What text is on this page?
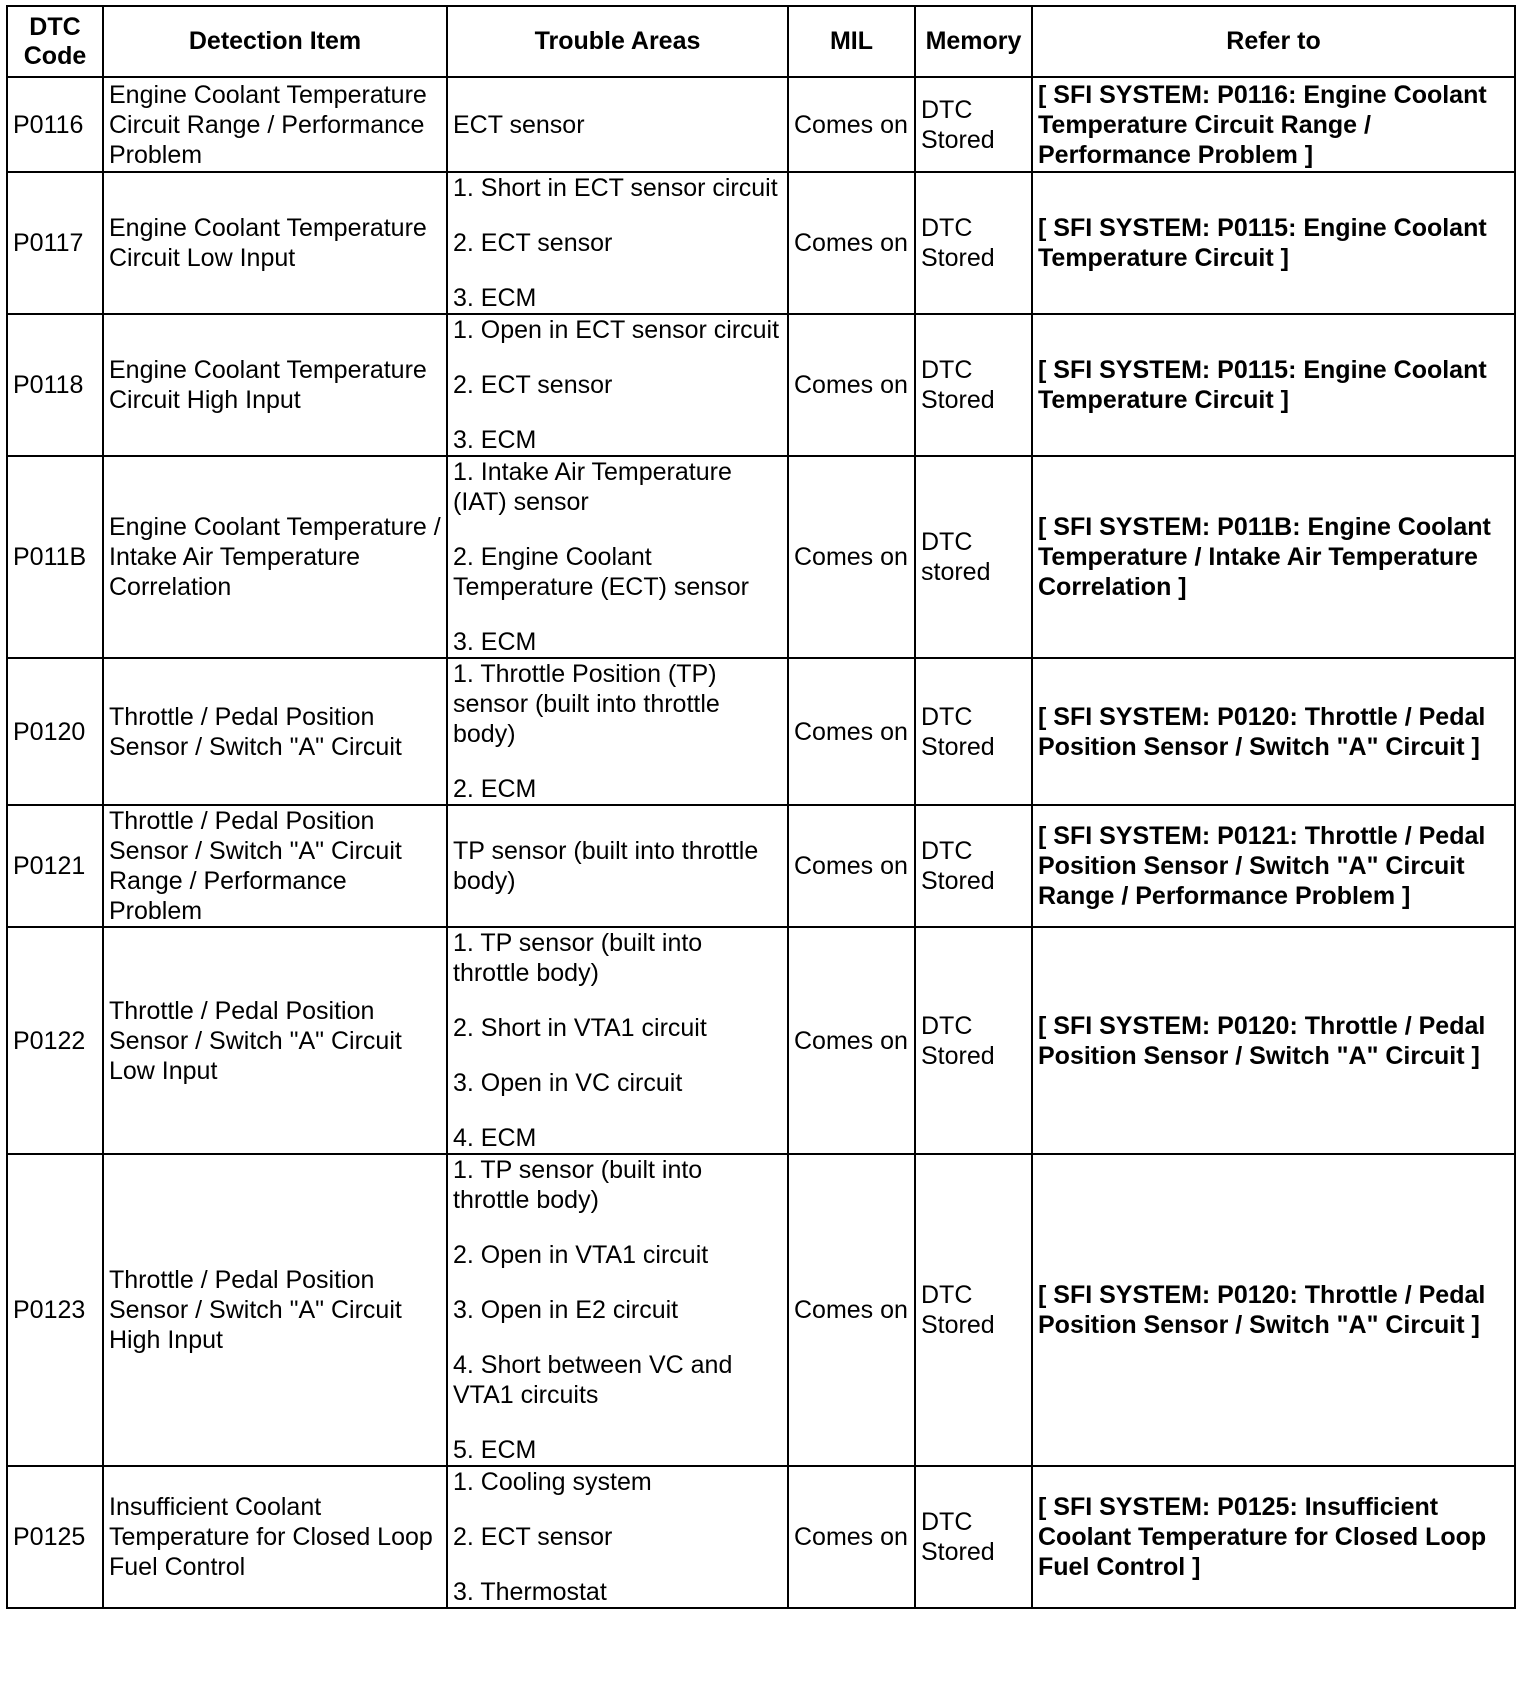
DTC
Code	Detection Item	Trouble Areas	MIL	Memory	Refer to
P0116	Engine Coolant Temperature Circuit Range / Performance Problem	ECT sensor	Comes on	DTC Stored	[ SFI SYSTEM: P0116: Engine Coolant Temperature Circuit Range / Performance Problem ]
P0117	Engine Coolant Temperature Circuit Low Input	1. Short in ECT sensor circuit
2. ECT sensor
3. ECM	Comes on	DTC Stored	[ SFI SYSTEM: P0115: Engine Coolant Temperature Circuit ]
P0118	Engine Coolant Temperature Circuit High Input	1. Open in ECT sensor circuit
2. ECT sensor
3. ECM	Comes on	DTC Stored	[ SFI SYSTEM: P0115: Engine Coolant Temperature Circuit ]
P011B	Engine Coolant Temperature / Intake Air Temperature Correlation	1. Intake Air Temperature (IAT) sensor
2. Engine Coolant Temperature (ECT) sensor
3. ECM	Comes on	DTC stored	[ SFI SYSTEM: P011B: Engine Coolant Temperature / Intake Air Temperature Correlation ]
P0120	Throttle / Pedal Position Sensor / Switch "A" Circuit	1. Throttle Position (TP) sensor (built into throttle body)
2. ECM	Comes on	DTC Stored	[ SFI SYSTEM: P0120: Throttle / Pedal Position Sensor / Switch "A" Circuit ]
P0121	Throttle / Pedal Position Sensor / Switch "A" Circuit Range / Performance Problem	TP sensor (built into throttle body)	Comes on	DTC Stored	[ SFI SYSTEM: P0121: Throttle / Pedal Position Sensor / Switch "A" Circuit Range / Performance Problem ]
P0122	Throttle / Pedal Position Sensor / Switch "A" Circuit Low Input	1. TP sensor (built into throttle body)
2. Short in VTA1 circuit
3. Open in VC circuit
4. ECM	Comes on	DTC Stored	[ SFI SYSTEM: P0120: Throttle / Pedal Position Sensor / Switch "A" Circuit ]
P0123	Throttle / Pedal Position Sensor / Switch "A" Circuit High Input	1. TP sensor (built into throttle body)
2. Open in VTA1 circuit
3. Open in E2 circuit
4. Short between VC and VTA1 circuits
5. ECM	Comes on	DTC Stored	[ SFI SYSTEM: P0120: Throttle / Pedal Position Sensor / Switch "A" Circuit ]
P0125	Insufficient Coolant Temperature for Closed Loop Fuel Control	1. Cooling system
2. ECT sensor
3. Thermostat	Comes on	DTC Stored	[ SFI SYSTEM: P0125: Insufficient Coolant Temperature for Closed Loop Fuel Control ]
